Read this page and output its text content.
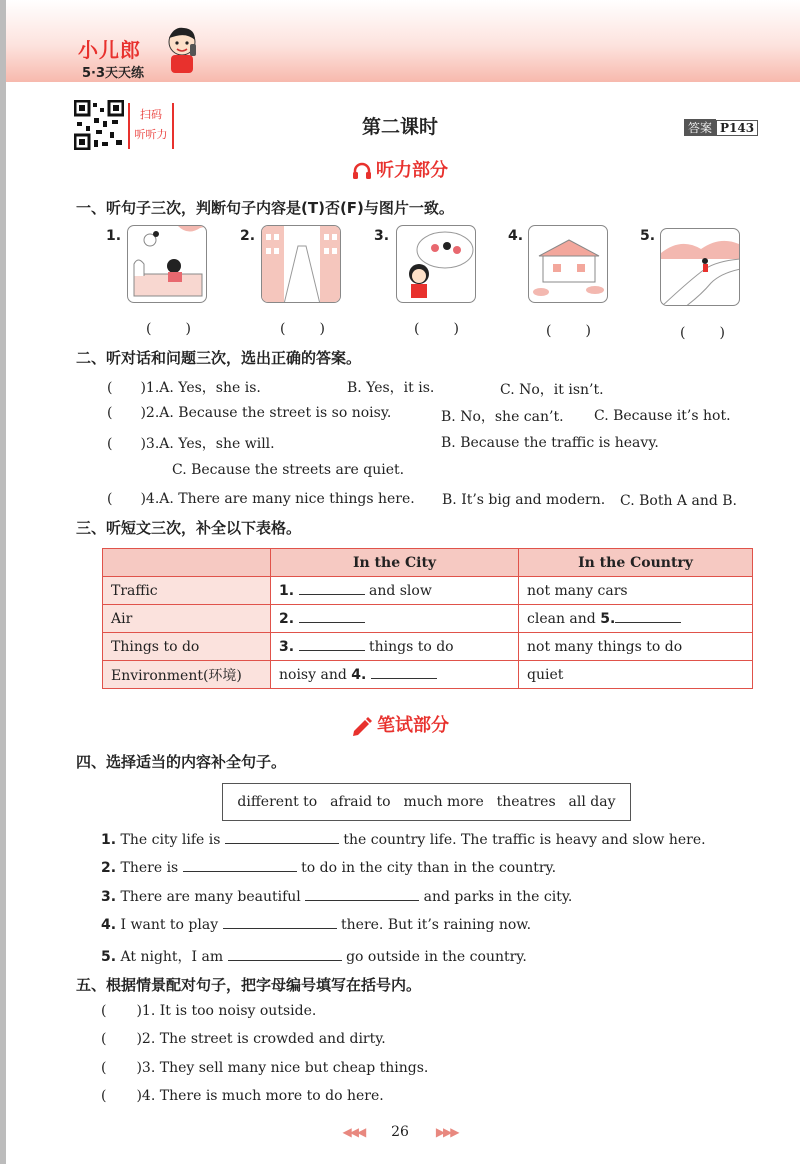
小儿郎
5·3天天练
扫码
听听力	第二课时	答案 P143
听力部分
一、听句子三次，判断句子内容是(T)否(F)与图片一致。
1.
(　　)
2.
(　　)
3.
(　　)
4.
(　　)
5.
(　　)
二、听对话和问题三次，选出正确的答案。
( )1.A. Yes，she is.	B. Yes，it is.	C. No，it isn’t.
( )2.A. Because the street is so noisy.	B. No，she can’t. C. Because it’s hot.
( )3.A. Yes，she will.	B. Because the traffic is heavy.
C. Because the streets are quiet.
( )4.A. There are many nice things here. B. It’s big and modern. C. Both A and B.
三、听短文三次，补全以下表格。
	In the City	In the Country
Traffic	1. and slow	not many cars
Air	2.	clean and 5.
Things to do	3. things to do	not many things to do
Environment(环境)	noisy and 4.	quiet
笔试部分
四、选择适当的内容补全句子。
different to afraid to much more theatres all day
1. The city life is	the country life. The traffic is heavy and slow here.
2. There is	to do in the city than in the country.
3. There are many beautiful	and parks in the city.
4. I want to play	there. But it’s raining now.
5. At night，I am	go outside in the country.
五、根据情景配对句子，把字母编号填写在括号内。
( )1. It is too noisy outside.
( )2. The street is crowded and dirty.
( )3. They sell many nice but cheap things.
( )4. There is much more to do here.
◀◀◀ 26 ▶▶▶
